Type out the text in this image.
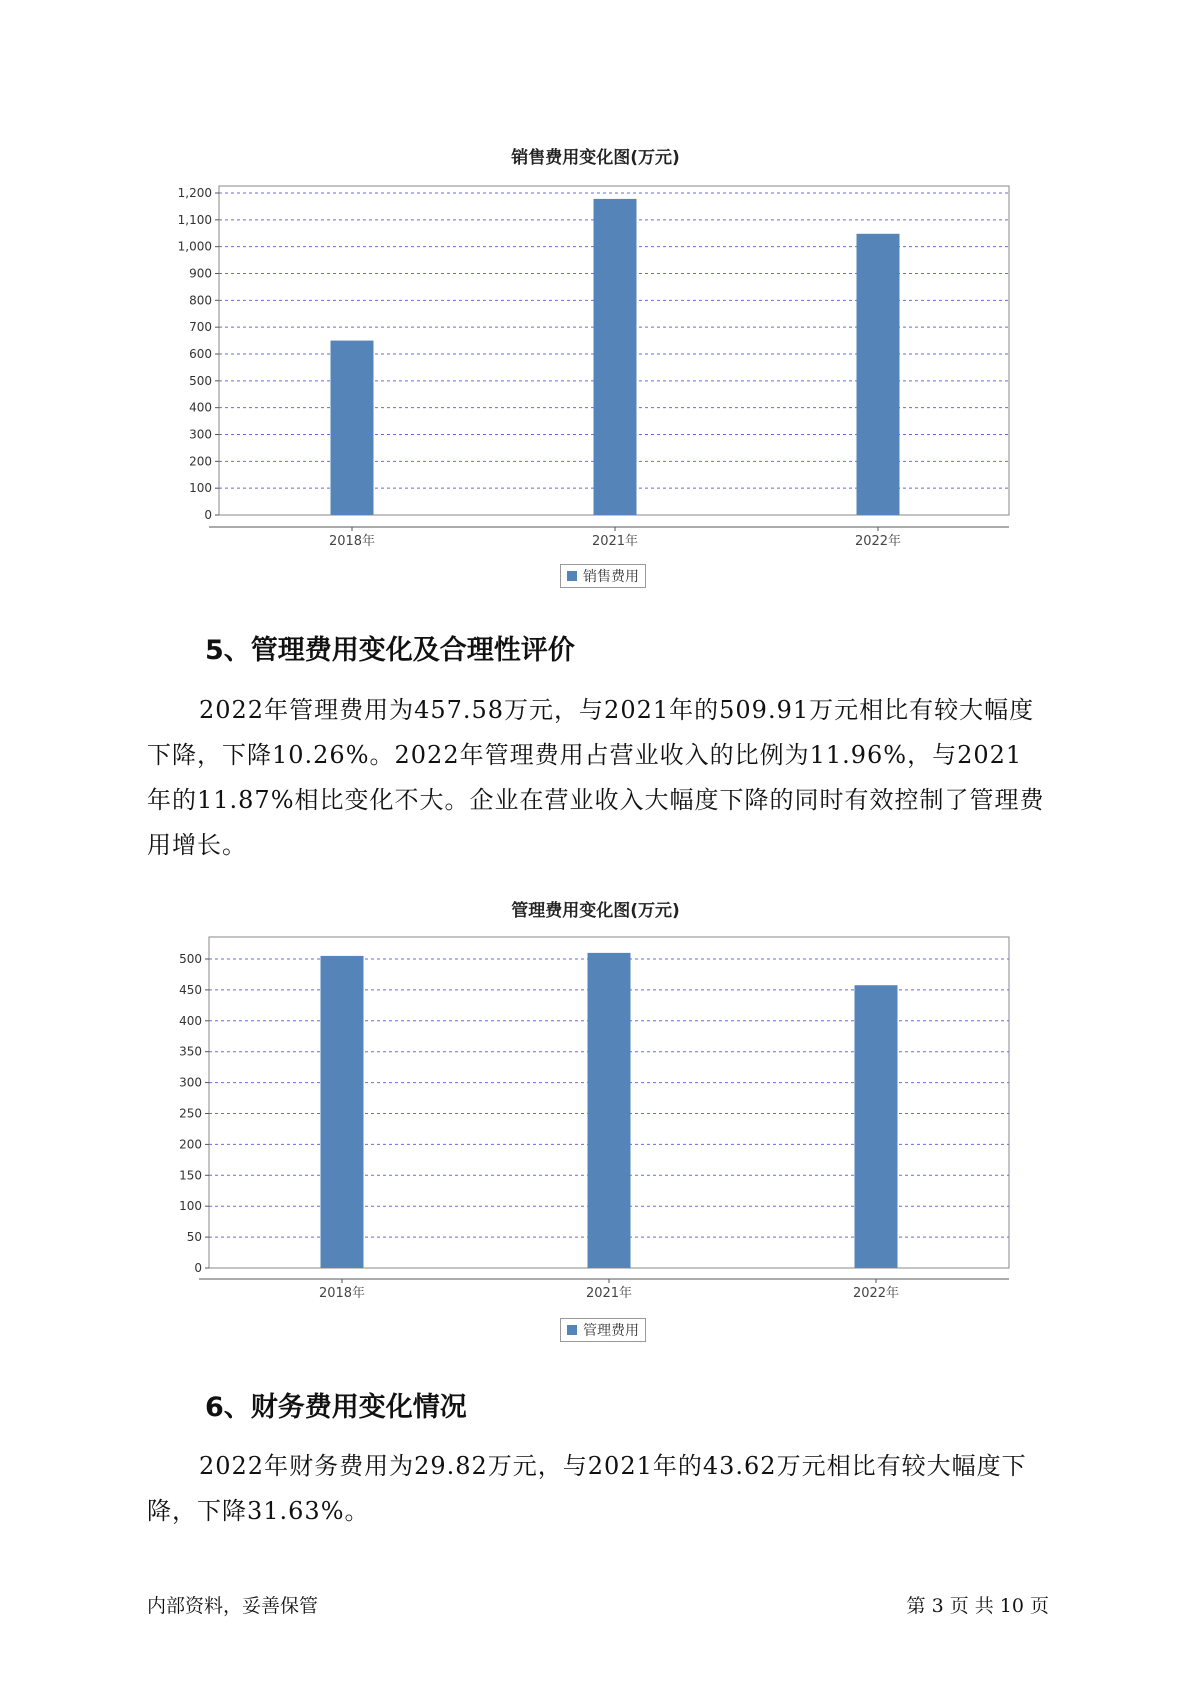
销售费用变化图(万元)
0
100
200
300
400
500
600
700
800
900
1,000
1,100
1,200
2018年	2021年	2022年
销售费用
5、管理费用变化及合理性评价

2022年管理费用为457.58万元，与2021年的509.91万元相比有较大幅度下降，下降10.26%。2022年管理费用占营业收入的比例为11.96%，与2021年的11.87%相比变化不大。企业在营业收入大幅度下降的同时有效控制了管理费用增长。

管理费用变化图(万元)
0
50
100
150
200
250
300
350
400
450
500
2018年	2021年	2022年
管理费用
6、财务费用变化情况

2022年财务费用为29.82万元，与2021年的43.62万元相比有较大幅度下降，下降31.63%。

内部资料，妥善保管	第 3 页 共 10 页
